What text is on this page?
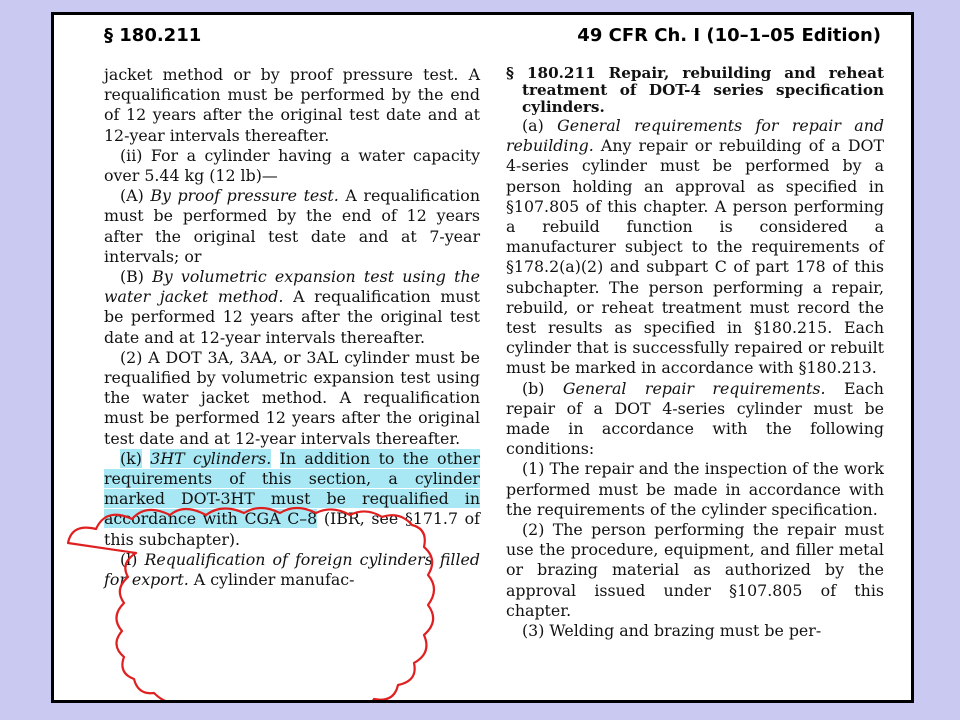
§ 180.211	49 CFR Ch. I (10–1–05 Edition)

jacket method or by proof pressure test. A requalification must be performed by the end of 12 years after the original test date and at 12-year intervals thereafter.

(ii) For a cylinder having a water capacity over 5.44 kg (12 lb)—

(A) By proof pressure test. A requalification must be performed by the end of 12 years after the original test date and at 7-year intervals; or

(B) By volumetric expansion test using the water jacket method. A requalification must be performed 12 years after the original test date and at 12-year intervals thereafter.

(2) A DOT 3A, 3AA, or 3AL cylinder must be requalified by volumetric expansion test using the water jacket method. A requalification must be performed 12 years after the original test date and at 12-year intervals thereafter.

(k) 3HT cylinders. In addition to the other requirements of this section, a cylinder marked DOT-3HT must be requalified in accordance with CGA C–8 (IBR, see §171.7 of this subchapter).

(l) Requalification of foreign cylinders filled for export. A cylinder manufac-

§ 180.211 Repair, rebuilding and reheat treatment of DOT-4 series specification cylinders.

(a) General requirements for repair and rebuilding. Any repair or rebuilding of a DOT 4-series cylinder must be performed by a person holding an approval as specified in §107.805 of this chapter. A person performing a rebuild function is considered a manufacturer subject to the requirements of §178.2(a)(2) and subpart C of part 178 of this subchapter. The person performing a repair, rebuild, or reheat treatment must record the test results as specified in §180.215. Each cylinder that is successfully repaired or rebuilt must be marked in accordance with §180.213.

(b) General repair requirements. Each repair of a DOT 4-series cylinder must be made in accordance with the following conditions:

(1) The repair and the inspection of the work performed must be made in accordance with the requirements of the cylinder specification.

(2) The person performing the repair must use the procedure, equipment, and filler metal or brazing material as authorized by the approval issued under §107.805 of this chapter.

(3) Welding and brazing must be per-
